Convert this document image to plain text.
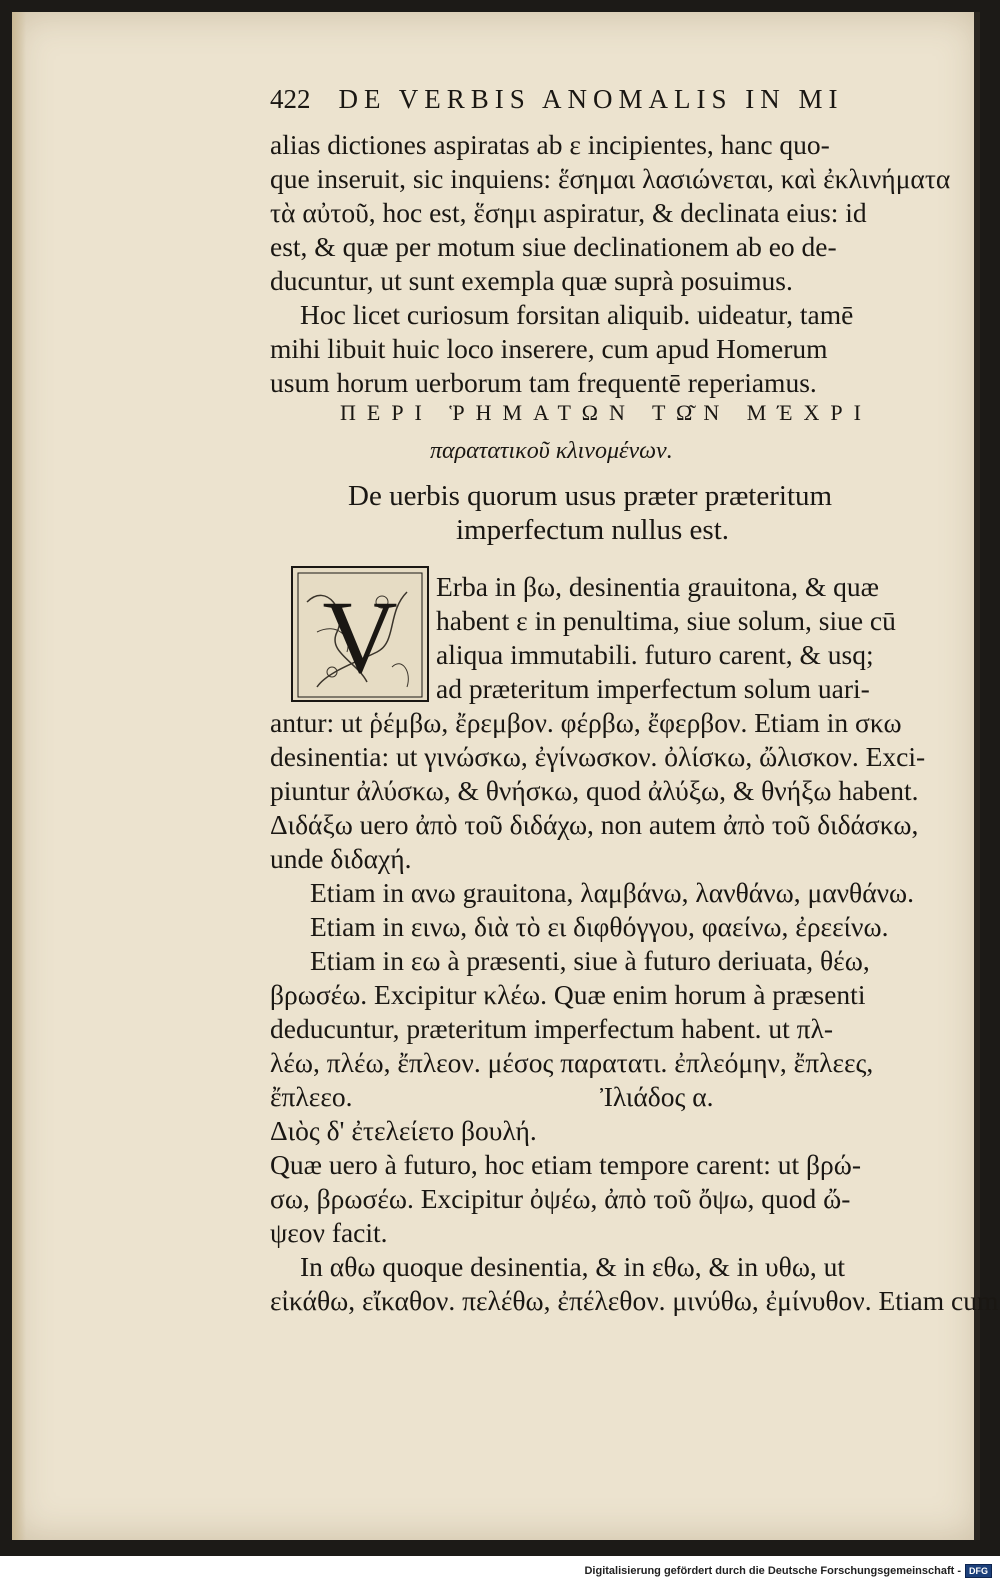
422 DE VERBIS ANOMALIS IN MI
alias dictiones aspiratas ab ε incipientes, hanc quo-
que inseruit, sic inquiens: ἕσημαι λασιώνεται, καὶ ἐκλινήματα
τὰ αὐτοῦ, hoc est, ἕσημι aspiratur, & declinata eius: id
est, & quæ per motum siue declinationem ab eo de-
ducuntur, ut sunt exempla quæ suprà posuimus.
Hoc licet curiosum forsitan aliquib. uideatur, tamē
mihi libuit huic loco inserere, cum apud Homerum
usum horum uerborum tam frequentē reperiamus.
ΠΕΡΙ ῬΗΜΑΤΩΝ ΤΩ͂Ν ΜΈΧΡΙ
παρατατικοῦ κλινομένων.
De uerbis quorum usus præter præteritum
imperfectum nullus est.
Erba in βω, desinentia grauitona, & quæ
habent ε in penultima, siue solum, siue cū
aliqua immutabili. futuro carent, & usq;
ad præteritum imperfectum solum uari-
antur: ut ῥέμβω, ἔρεμβον. φέρβω, ἔφερβον. Etiam in σκω
desinentia: ut γινώσκω, ἐγίνωσκον. ὀλίσκω, ὤλισκον. Exci-
piuntur ἀλύσκω, & θνήσκω, quod ἀλύξω, & θνήξω habent.
Διδάξω uero ἀπὸ τοῦ διδάχω, non autem ἀπὸ τοῦ διδάσκω,
unde διδαχή.
Etiam in ανω grauitona, λαμβάνω, λανθάνω, μανθάνω.
Etiam in εινω, διὰ τὸ ει διφθόγγου, φαείνω, ἐρεείνω.
Etiam in εω à præsenti, siue à futuro deriuata, θέω,
βρωσέω. Excipitur κλέω. Quæ enim horum à præsenti
deducuntur, præteritum imperfectum habent. ut πλ-
λέω, πλέω, ἔπλεον. μέσος παρατατι. ἐπλεόμην, ἔπλεες,
ἔπλεεο.	Ἰλιάδος α.
Διὸς δ' ἐτελείετο βουλή.
Quæ uero à futuro, hoc etiam tempore carent: ut βρώ-
σω, βρωσέω. Excipitur ὀψέω, ἀπὸ τοῦ ὄψω, quod ὤ-
ψεον facit.
In αθω quoque desinentia, & in εθω, & in υθω, ut
εἰκάθω, εἴκαθον. πελέθω, ἐπέλεθον. μινύθω, ἐμίνυθον. Etiam cum
V
Digitalisierung gefördert durch die Deutsche Forschungsgemeinschaft - DFG
